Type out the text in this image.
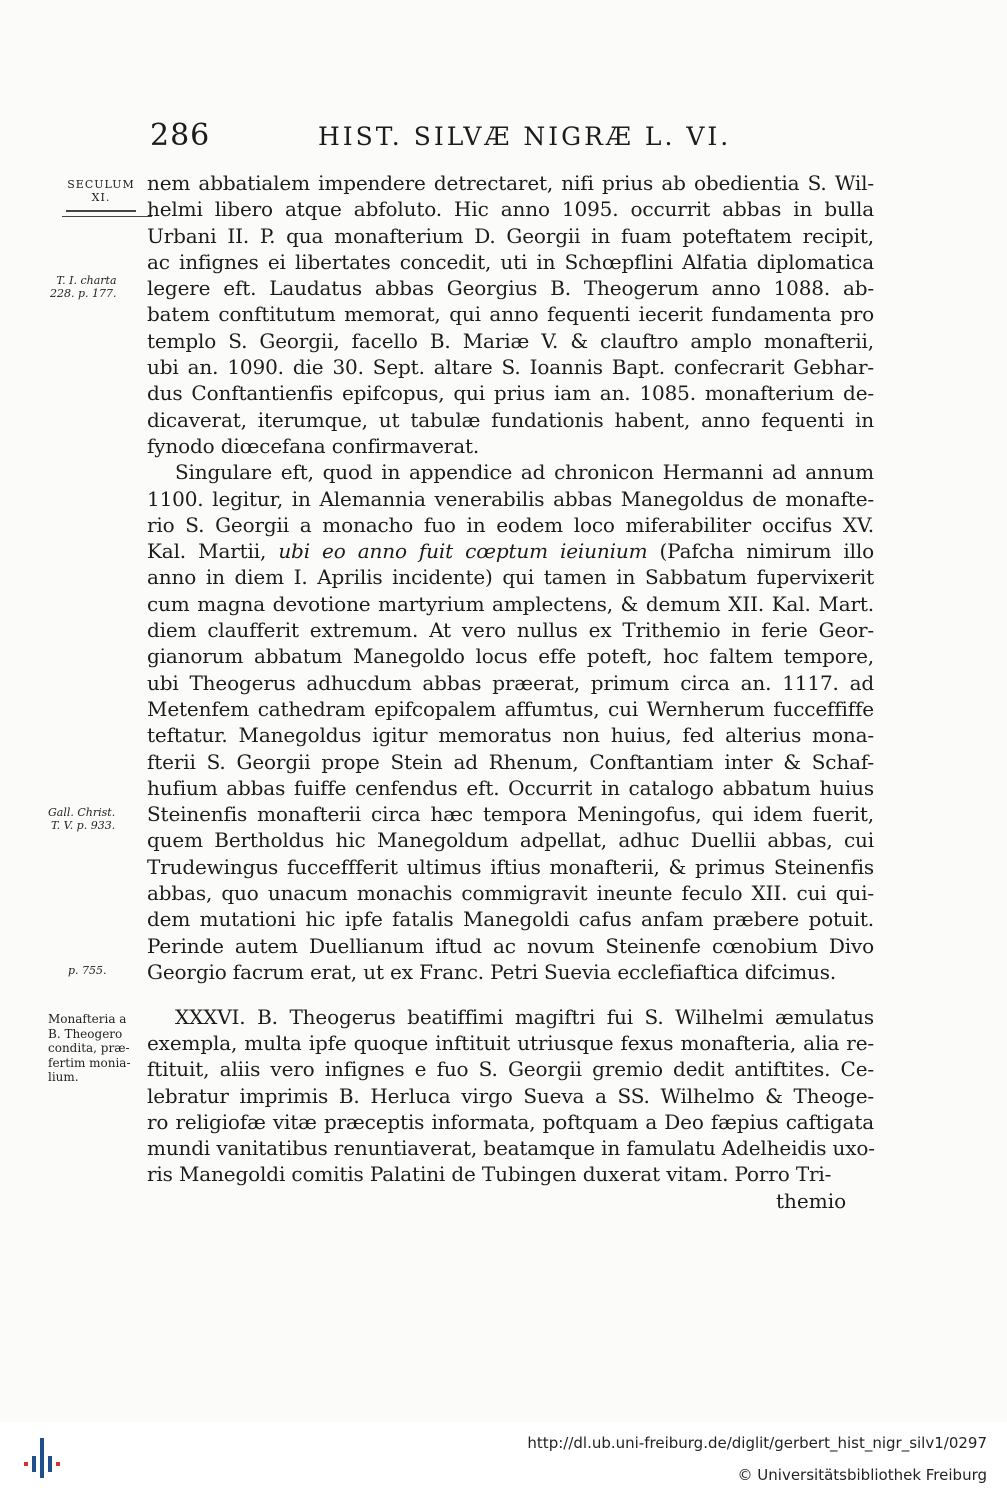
286	HIST. SILVÆ NIGRÆ L. VI.
SECULUM
XI.
T. I. charta
228. p. 177.
Gall. Christ.
T. V. p. 933.
p. 755.
Monafteria a
B. Theogero
condita, præ-
fertim monia-
lium.
nem abbatialem impendere detrectaret, nifi prius ab obedientia S. Wil-
helmi libero atque abfoluto. Hic anno 1095. occurrit abbas in bulla
Urbani II. P. qua monafterium D. Georgii in fuam poteftatem recipit,
ac infignes ei libertates concedit, uti in Schœpflini Alfatia diplomatica
legere eft. Laudatus abbas Georgius B. Theogerum anno 1088. ab-
batem conftitutum memorat, qui anno fequenti iecerit fundamenta pro
templo S. Georgii, facello B. Mariæ V. & clauftro amplo monafterii,
ubi an. 1090. die 30. Sept. altare S. Ioannis Bapt. confecrarit Gebhar-
dus Conftantienfis epifcopus, qui prius iam an. 1085. monafterium de-
dicaverat, iterumque, ut tabulæ fundationis habent, anno fequenti in
fynodo diœcefana confirmaverat.
Singulare eft, quod in appendice ad chronicon Hermanni ad annum
1100. legitur, in Alemannia venerabilis abbas Manegoldus de monafte-
rio S. Georgii a monacho fuo in eodem loco miferabiliter occifus XV.
Kal. Martii, ubi eo anno fuit cœptum ieiunium (Pafcha nimirum illo
anno in diem I. Aprilis incidente) qui tamen in Sabbatum fupervixerit
cum magna devotione martyrium amplectens, & demum XII. Kal. Mart.
diem claufferit extremum. At vero nullus ex Trithemio in ferie Geor-
gianorum abbatum Manegoldo locus effe poteft, hoc faltem tempore,
ubi Theogerus adhucdum abbas præerat, primum circa an. 1117. ad
Metenfem cathedram epifcopalem affumtus, cui Wernherum fucceffiffe
teftatur. Manegoldus igitur memoratus non huius, fed alterius mona-
fterii S. Georgii prope Stein ad Rhenum, Conftantiam inter & Schaf-
hufium abbas fuiffe cenfendus eft. Occurrit in catalogo abbatum huius
Steinenfis monafterii circa hæc tempora Meningofus, qui idem fuerit,
quem Bertholdus hic Manegoldum adpellat, adhuc Duellii abbas, cui
Trudewingus fucceffferit ultimus iftius monafterii, & primus Steinenfis
abbas, quo unacum monachis commigravit ineunte feculo XII. cui qui-
dem mutationi hic ipfe fatalis Manegoldi cafus anfam præbere potuit.
Perinde autem Duellianum iftud ac novum Steinenfe cœnobium Divo
Georgio facrum erat, ut ex Franc. Petri Suevia ecclefiaftica difcimus.
XXXVI. B. Theogerus beatiffimi magiftri fui S. Wilhelmi æmulatus
exempla, multa ipfe quoque inftituit utriusque fexus monafteria, alia re-
ftituit, aliis vero infignes e fuo S. Georgii gremio dedit antiftites. Ce-
lebratur imprimis B. Herluca virgo Sueva a SS. Wilhelmo & Theoge-
ro religiofæ vitæ præceptis informata, poftquam a Deo fæpius caftigata
mundi vanitatibus renuntiaverat, beatamque in famulatu Adelheidis uxo-
ris Manegoldi comitis Palatini de Tubingen duxerat vitam. Porro Tri-
themio
http://dl.ub.uni-freiburg.de/diglit/gerbert_hist_nigr_silv1/0297
© Universitätsbibliothek Freiburg
